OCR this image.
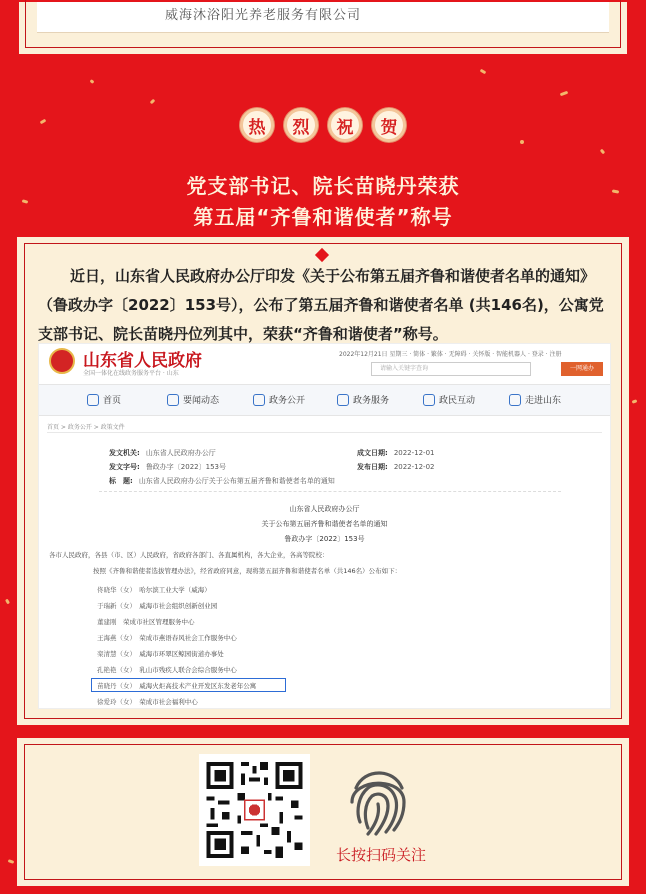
威海沐浴阳光养老服务有限公司
热	烈	祝	贺
党支部书记、院长苗晓丹荣获
第五届“齐鲁和谐使者”称号
近日，山东省人民政府办公厅印发《关于公布第五届齐鲁和谐使者名单的通知》（鲁政办字〔2022〕153号），公布了第五届齐鲁和谐使者名单 (共146名)，公寓党支部书记、院长苗晓丹位列其中，荣获“齐鲁和谐使者”称号。
山东省人民政府
全国一体化在线政务服务平台 · 山东
2022年12月21日 星期三 · 简体 · 繁体 · 无障碍 · 关怀版 · 智能机器人 · 登录 · 注册
请输入关键字查询	一网通办
首页	要闻动态	政务公开	政务服务	政民互动	走进山东
首页 > 政务公开 > 政策文件
发文机关: 山东省人民政府办公厅
发文字号: 鲁政办字〔2022〕153号
标　题: 山东省人民政府办公厅关于公布第五届齐鲁和谐使者名单的通知
成文日期: 2022-12-01
发布日期: 2022-12-02
山东省人民政府办公厅
关于公布第五届齐鲁和谐使者名单的通知
鲁政办字〔2022〕153号
各市人民政府，各县（市、区）人民政府，省政府各部门、各直属机构，各大企业，各高等院校：
按照《齐鲁和谐使者选拔管理办法》，经省政府同意，现将第五届齐鲁和谐使者名单（共146名）公布如下：
佟晓华（女）　 哈尔滨工业大学（威海）
于瑞新（女）　 威海市社会组织创新创业园
董建刚　 荣成市社区管理服务中心
王海燕（女）　 荣成市燕语春风社会工作服务中心
栾清慧（女）　 威海市环翠区鲸园街道办事处
孔艳艳（女）　 乳山市残疾人联合会综合服务中心
苗晓丹（女）　 威海火炬高技术产业开发区东发老年公寓
徐爱玲（女）　 荣成市社会福利中心
长按扫码关注
